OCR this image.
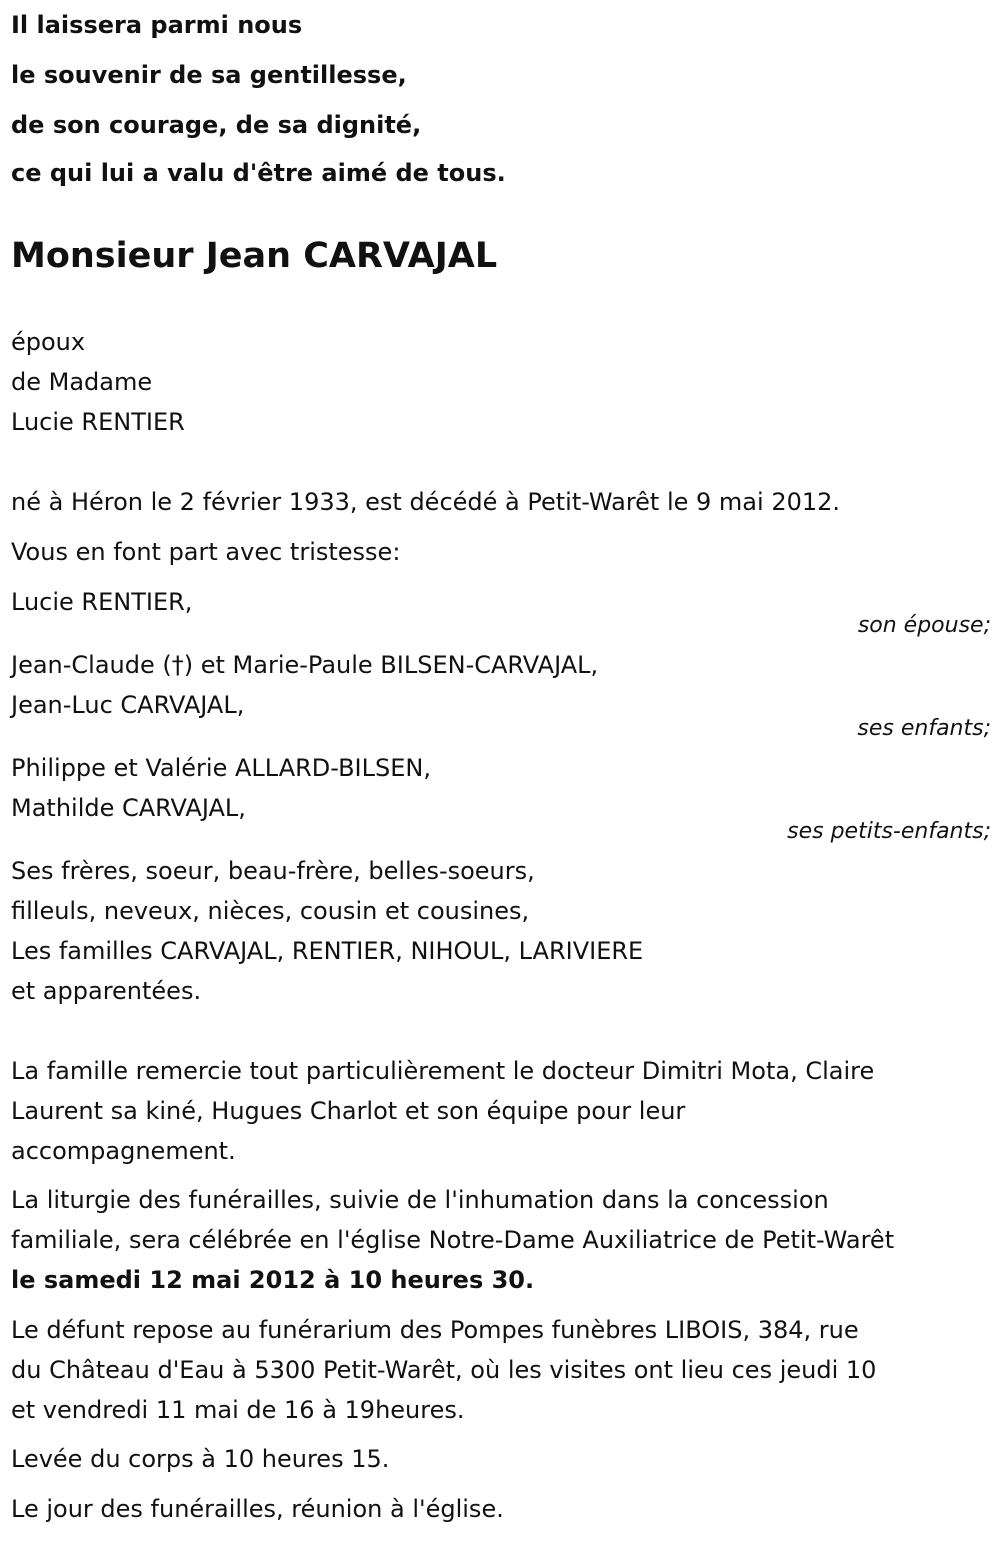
Il laissera parmi nous
le souvenir de sa gentillesse,
de son courage, de sa dignité,
ce qui lui a valu d'être aimé de tous.
Monsieur Jean CARVAJAL
époux
de Madame
Lucie RENTIER
né à Héron le 2 février 1933, est décédé à Petit-Warêt le 9 mai 2012.
Vous en font part avec tristesse:
Lucie RENTIER,
son épouse;
Jean-Claude (†) et Marie-Paule BILSEN-CARVAJAL,
Jean-Luc CARVAJAL,
ses enfants;
Philippe et Valérie ALLARD-BILSEN,
Mathilde CARVAJAL,
ses petits-enfants;
Ses frères, soeur, beau-frère, belles-soeurs,
filleuls, neveux, nièces, cousin et cousines,
Les familles CARVAJAL, RENTIER, NIHOUL, LARIVIERE
et apparentées.
La famille remercie tout particulièrement le docteur Dimitri Mota, Claire
Laurent sa kiné, Hugues Charlot et son équipe pour leur
accompagnement.
La liturgie des funérailles, suivie de l'inhumation dans la concession
familiale, sera célébrée en l'église Notre-Dame Auxiliatrice de Petit-Warêt
le samedi 12 mai 2012 à 10 heures 30.
Le défunt repose au funérarium des Pompes funèbres LIBOIS, 384, rue
du Château d'Eau à 5300 Petit-Warêt, où les visites ont lieu ces jeudi 10
et vendredi 11 mai de 16 à 19heures.
Levée du corps à 10 heures 15.
Le jour des funérailles, réunion à l'église.
